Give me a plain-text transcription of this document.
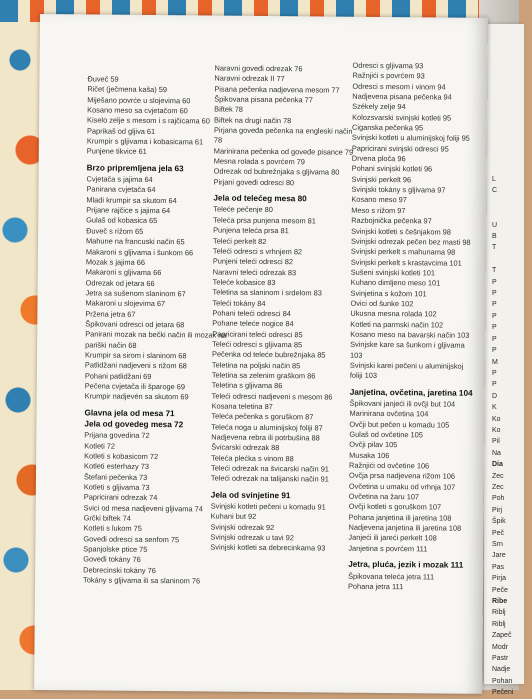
L
C

U
B
T

T
P
P
P
P
P
P
P
M
P
P
D
K
Ko
Ko
Pil
Na
Dia
Zec
Zec
Poh
Pirj
Špik
Peč
Srn
Jare
Pas
Pirja
Peče
Ribe
Riblj
Riblj
Zapeč
Modr
Pastr
Nadje
Pohan
Pečeni
Đuveč 59
Ričet (ječmena kaša) 59
Miješano povrće u slojevima 60
Kosano meso sa cvjetačom 60
Kiselo zelje s mesom i s rajčicama 60
Paprikaš od gljiva 61
Krumpir s gljivama i kobasicama 61
Punjene tikvice 61
Brzo pripremljena jela 63
Cvjetača s jajima 64
Panirana cvjetača 64
Mladi krumpir sa skutom 64
Prijane rajčice s jajima 64
Gulaš od kobasica 65
Đuveč s rižom 65
Mahune na francuski način 65
Makaroni s gljivama i šunkom 66
Mozak s jajima 66
Makaroni s gljivama 66
Odrezak od jetara 66
Jetra sa sušenom slaninom 67
Makaroni u slojevima 67
Pržena jetra 67
Špikovani odresci od jetara 68
Panirani mozak na bečki način ili mozak na pariški način 68
Krumpir sa sirom i slaninom 68
Patlidžani nadjeveni s rižom 68
Pohani patlidžani 69
Pečena cvjetača ili šparoge 69
Krumpir nadjevén sa skutom 69
Glavna jela od mesa 71
Jela od govedeg mesa 72
Prijana govedina 72
Kotleti 72
Kotleti s kobasicom 72
Kotleti esterhazy 73
Štefani pečenka 73
Kotleti s gljivama 73
Papricirani odrezak 74
Svici od mesa nadjeveni gljivama 74
Grčki biftek 74
Kotleti s lukom 75
Goveđi odresci sa senfom 75
Spanjolske ptice 75
Goveđi tokány 76
Debrecinski tokány 76
Tokány s gljivama ili sa slaninom 76
Naravni goveđi odrezak 76
Naravni odrezak II 77
Pisana pečenka nadjevena mesom 77
Špikovana pisana pečenka 77
Biftek 78
Biftek na drugi način 78
Pirjana goveđa pečenka na engleski način 78
Mariniranа pečenka od goveđe pisance 79
Mesna rolada s povrćem 79
Odrezak od bubrežnjaka s gljivama 80
Pirjani goveđi odresci 80
Jela od telećeg mesa 80
Teleće pečenje 80
Teleća prsa punjena mesom 81
Punjena teleća prsa 81
Teleći perkelt 82
Teleći odresci s vrhnjem 82
Punjeni teleći odresci 82
Naravni teleći odrezak 83
Teleće kobasice 83
Teletina sa slaninom i srdelom 83
Teleći tokány 84
Pohani teleći odresci 84
Pohane teleće nogice 84
Papricirani teleći odresci 85
Teleći odresci s gljivama 85
Pečenka od teleće bubrežnjaka 85
Teletina na poljski način 85
Teletina sa zelenim graškom 86
Teletina s gljivama 86
Teleći odresci nadjeveni s mesom 86
Kosana teletina 87
Teleća pečenka s goruškom 87
Teleća noga u aluminijskoj foliji 87
Nadjevena rebra ili potrbušina 88
Švicarski odrezak 88
Teleća plećka s vinom 88
Teleći odrezak na švicarski način 91
Teleći odrezak na talijanski način 91
Jela od svinjetine 91
Svinjski kotleti pečeni u komadu 91
Kuhani but 92
Svinjski odrezak 92
Svinjski odrezak u tavi 92
Svinjski kotleti sa debrecinkama 93
Odresci s gljivama 93
Ražnjići s povrćem 93
Odresci s mesom i vinom 94
Nadjevena pisana pečenka 94
Székely zelje 94
Kolozsvarski svinjski kotleti 95
Ciganska pečenka 95
Svinjski kotleti u aluminijskoj foliji 95
Papricirani svinjski odresci 95
Drvena ploča 96
Pohani svinjski kotleti 96
Svinjski perkelt 96
Svinjski tokány s gljivama 97
Kosano meso 97
Meso s rižom 97
Razbojnička pečenka 97
Svinjski kotleti s češnjakom 98
Svinjski odrezak pečen bez masti 98
Svinjski perkelt s mahunama 98
Svinjski perkelt s krastavcima 101
Sušeni svinjski kotleti 101
Kuhano dimljeno meso 101
Svinjetina s kožom 101
Ovici od šunke 102
Ukusna mesna rolada 102
Kotleti na parmski način 102
Kosano meso na bavarski način 103
Svinjske kare sa šunkom i gljivama 103
Svinjski karei pečeni u aluminijskoj foliji 103
Janjetina, ovčetina, jaretina 104
Špikovani janjeći ili ovčji but 104
Marinirana ovčetina 104
Ovčji but pečen u komadu 105
Gulaš od ovčetine 105
Ovčji pilav 105
Musaka 106
Ražnjići od ovčetine 106
Ovčja prsa nadjevena rižom 106
Ovčetina u umaku od vrhnja 107
Ovčetina na žaru 107
Ovčji kotleti s goruškom 107
Pohana janjetina ili jaretina 108
Nadjevena janjetina ili jaretina 108
Janjeći ili jareći perkelt 108
Janjetina s povrćem 111
Jetra, pluća, jezik i mozak 111
Špikovana teleća jetra 111
Pohana jetra 111
